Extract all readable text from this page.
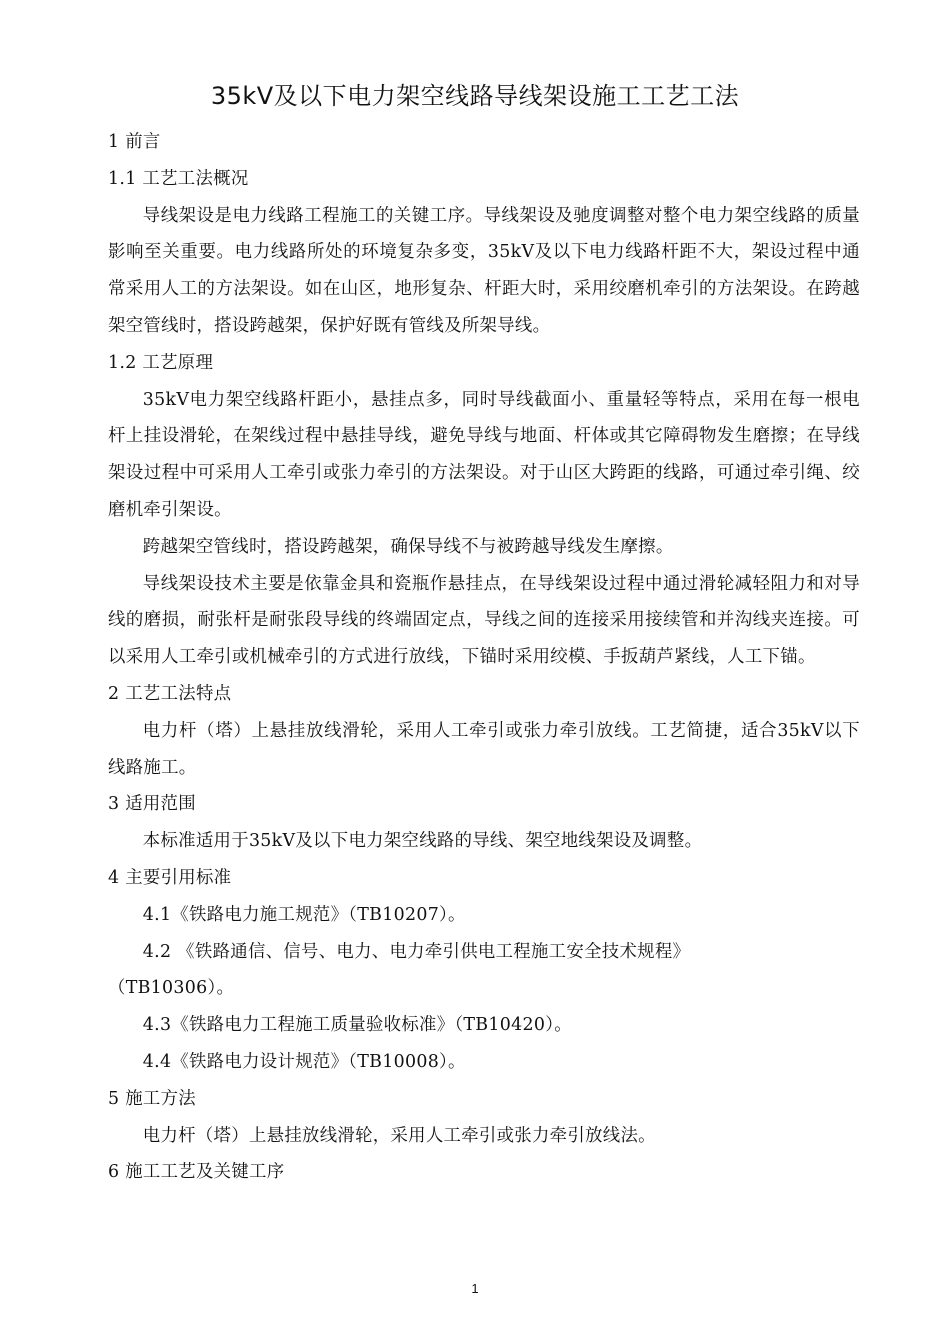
35kV及以下电力架空线路导线架设施工工艺工法

1 前言

1.1 工艺工法概况

导线架设是电力线路工程施工的关键工序。导线架设及驰度调整对整个电力架空线路的质量影响至关重要。电力线路所处的环境复杂多变，35kV及以下电力线路杆距不大，架设过程中通常采用人工的方法架设。如在山区，地形复杂、杆距大时，采用绞磨机牵引的方法架设。在跨越架空管线时，搭设跨越架，保护好既有管线及所架导线。

1.2 工艺原理

35kV电力架空线路杆距小，悬挂点多，同时导线截面小、重量轻等特点，采用在每一根电杆上挂设滑轮，在架线过程中悬挂导线，避免导线与地面、杆体或其它障碍物发生磨擦；在导线架设过程中可采用人工牵引或张力牵引的方法架设。对于山区大跨距的线路，可通过牵引绳、绞磨机牵引架设。

跨越架空管线时，搭设跨越架，确保导线不与被跨越导线发生摩擦。

导线架设技术主要是依靠金具和瓷瓶作悬挂点，在导线架设过程中通过滑轮减轻阻力和对导线的磨损，耐张杆是耐张段导线的终端固定点，导线之间的连接采用接续管和并沟线夹连接。可以采用人工牵引或机械牵引的方式进行放线，下锚时采用绞模、手扳葫芦紧线，人工下锚。

2 工艺工法特点

电力杆（塔）上悬挂放线滑轮，采用人工牵引或张力牵引放线。工艺简捷，适合35kV以下线路施工。

3 适用范围

本标准适用于35kV及以下电力架空线路的导线、架空地线架设及调整。

4 主要引用标准

4.1《铁路电力施工规范》（TB10207）。

4.2 《铁路通信、信号、电力、电力牵引供电工程施工安全技术规程》

（TB10306）。

4.3《铁路电力工程施工质量验收标准》（TB10420）。

4.4《铁路电力设计规范》（TB10008）。

5 施工方法

电力杆（塔）上悬挂放线滑轮，采用人工牵引或张力牵引放线法。

6 施工工艺及关键工序

1
